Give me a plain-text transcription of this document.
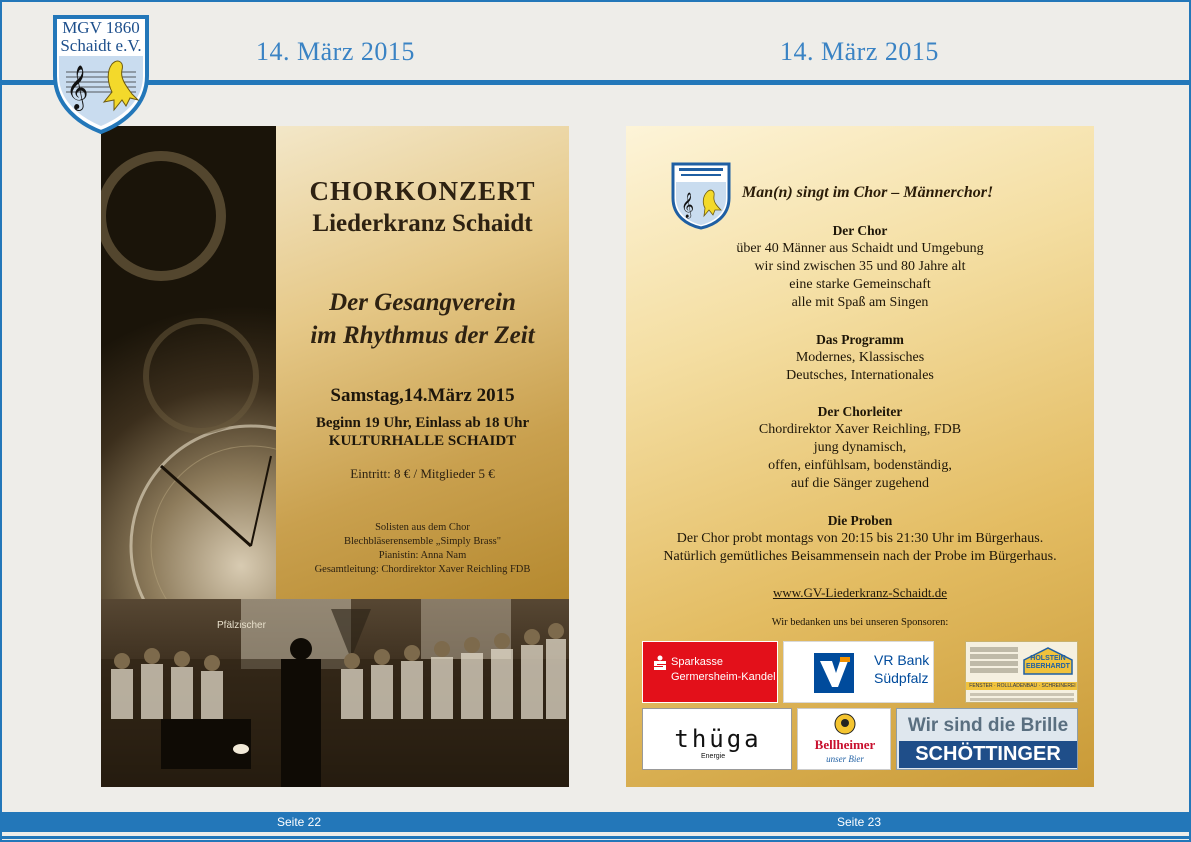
14. März 2015	14. März 2015
𝄞
MGV 1860
Schaidt e.V.
CHORKONZERT
Liederkranz Schaidt
Der Gesangverein
im Rhythmus der Zeit
Samstag,14.März 2015
Beginn 19 Uhr, Einlass ab 18 Uhr
KULTURHALLE SCHAIDT
Eintritt: 8 € / Mitglieder 5 €
Solisten aus dem Chor
Blechbläserensemble „Simply Brass"
Pianistin: Anna Nam
Gesamtleitung: Chordirektor Xaver Reichling FDB
Pfälzischer
𝄞
Man(n) singt im Chor – Männerchor!
Der Chor
über 40 Männer aus Schaidt und Umgebung
wir sind zwischen 35 und 80 Jahre alt
eine starke Gemeinschaft
alle mit Spaß am Singen
Das Programm
Modernes, Klassisches
Deutsches, Internationales
Der Chorleiter
Chordirektor Xaver Reichling, FDB
jung dynamisch,
offen, einfühlsam, bodenständig,
auf die Sänger zugehend
Die Proben
Der Chor probt montags von 20:15 bis 21:30 Uhr im Bürgerhaus.
Natürlich gemütliches Beisammensein nach der Probe im Bürgerhaus.
www.GV-Liederkranz-Schaidt.de
Wir bedanken uns bei unseren Sponsoren:
Sparkasse
Germersheim-Kandel
VR Bank
Südpfalz
HOLSTEIN EBERHARDT
FENSTER · ROLLLADENBAU · SCHREINEREI
thüga
Energie
Bellheimer
unser Bier
Wir sind die Brille
SCHÖTTINGER
Seite 22	Seite 23
